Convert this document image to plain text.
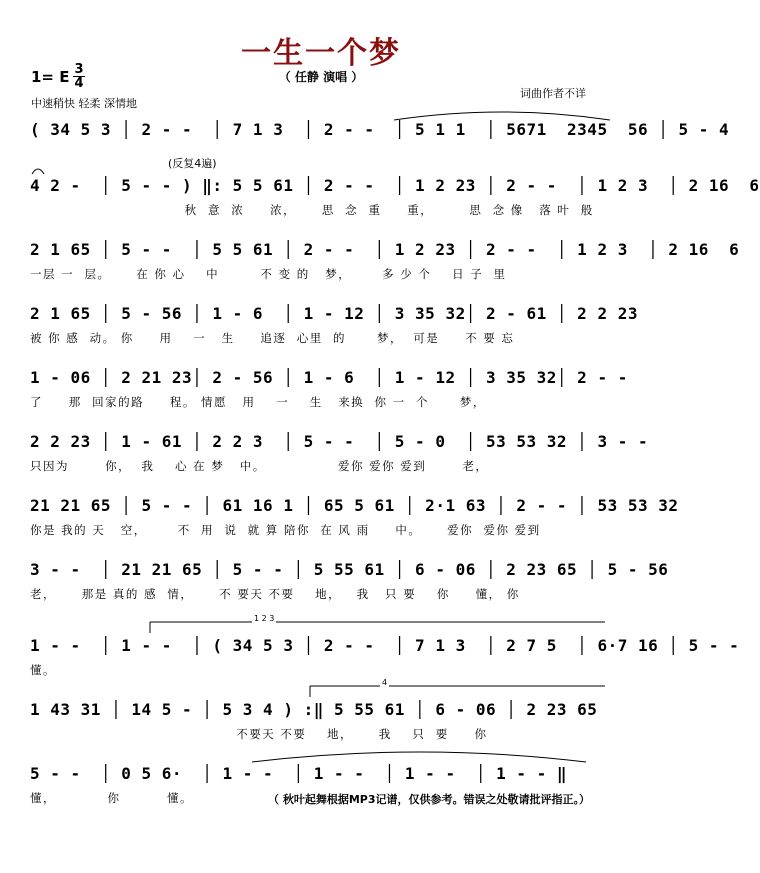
一生一个梦
（ 任静 演唱 ）
1= E 3
4
中速稍快 轻柔 深情地
词曲作者不详
(反复4遍)
( 34 5 3 │ 2 - -  │ 7 1 3  │ 2 - -  │ 5 1 1  │ 5671  2345  56 │ 5 - 4
4 2 -  │ 5 - - ) ‖: 5 5 61 │ 2 - -  │ 1 2 23 │ 2 - -  │ 1 2 3  │ 2 16  6
秋  意  浓     浓，     思  念  重     重，       思  念 像   落 叶  般
2 1 65 │ 5 - -  │ 5 5 61 │ 2 - -  │ 1 2 23 │ 2 - -  │ 1 2 3  │ 2 16  6
一层 一  层。     在 你 心    中        不 变 的   梦，      多 少 个    日 子  里
2 1 65 │ 5 - 56 │ 1 - 6  │ 1 - 12 │ 3 35 32│ 2 - 61 │ 2 2 23
被 你 感  动。 你     用    一   生     追逐  心里  的      梦，  可是     不 要 忘
1 - 06 │ 2 21 23│ 2 - 56 │ 1 - 6  │ 1 - 12 │ 3 35 32│ 2 - -
了     那  回家的路     程。 情愿   用    一    生   来换  你 一  个      梦，
2 2 23 │ 1 - 61 │ 2 2 3  │ 5 - -  │ 5 - 0  │ 53 53 32 │ 3 - -
只因为       你，  我    心 在 梦   中。              爱你 爱你 爱到       老，
21 21 65 │ 5 - - │ 61 16 1 │ 65 5 61 │ 2·1 63 │ 2 - - │ 53 53 32
你是 我的 天   空，      不  用  说  就 算 陪你  在 风 雨     中。     爱你  爱你 爱到
3 - -  │ 21 21 65 │ 5 - - │ 5 55 61 │ 6 - 06 │ 2 23 65 │ 5 - 56
老，     那是 真的 感  情，     不 要天 不要    地，   我   只 要    你     懂， 你
1 2 3
1 - -  │ 1 - -  │ ( 34 5 3 │ 2 - -  │ 7 1 3  │ 2 7 5  │ 6·7 16 │ 5 - -
懂。
4
1 43 31 │ 14 5 - │ 5 3 4 ) :‖ 5 55 61 │ 6 - 06 │ 2 23 65
不要天 不要    地，     我    只  要     你
5 - -  │ 0 5 6·  │ 1 - -  │ 1 - -  │ 1 - -  │ 1 - - ‖
懂，          你         懂。	（ 秋叶起舞根据MP3记谱，仅供参考。错误之处敬请批评指正。）
